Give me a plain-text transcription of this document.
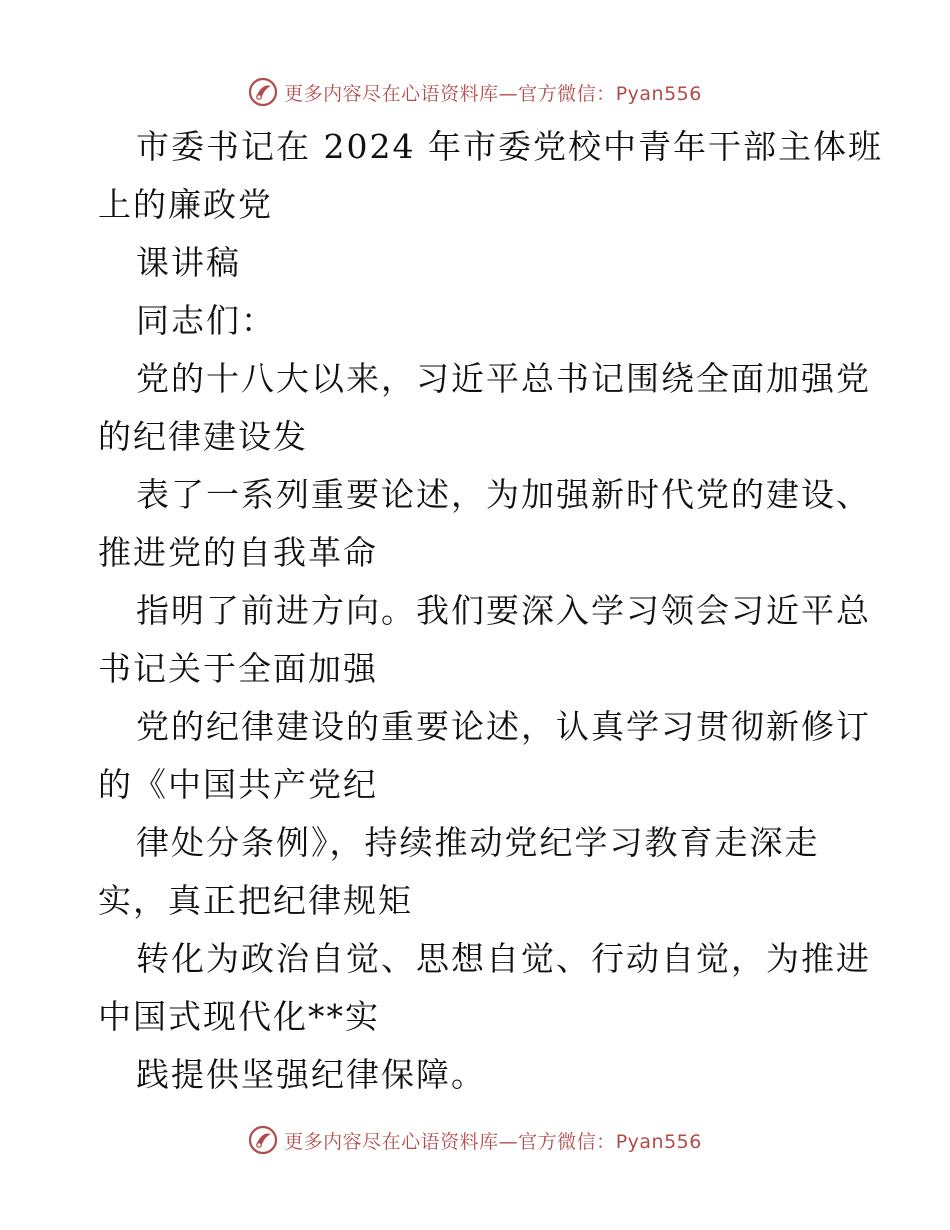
更多内容尽在心语资料库—官方微信：Pyan556
市委书记在 2024 年市委党校中青年干部主体班
上的廉政党
课讲稿
同志们：
党的十八大以来，习近平总书记围绕全面加强党
的纪律建设发
表了一系列重要论述，为加强新时代党的建设、
推进党的自我革命
指明了前进方向。我们要深入学习领会习近平总
书记关于全面加强
党的纪律建设的重要论述，认真学习贯彻新修订
的《中国共产党纪
律处分条例》，持续推动党纪学习教育走深走
实，真正把纪律规矩
转化为政治自觉、思想自觉、行动自觉，为推进
中国式现代化**实
践提供坚强纪律保障。
更多内容尽在心语资料库—官方微信：Pyan556
